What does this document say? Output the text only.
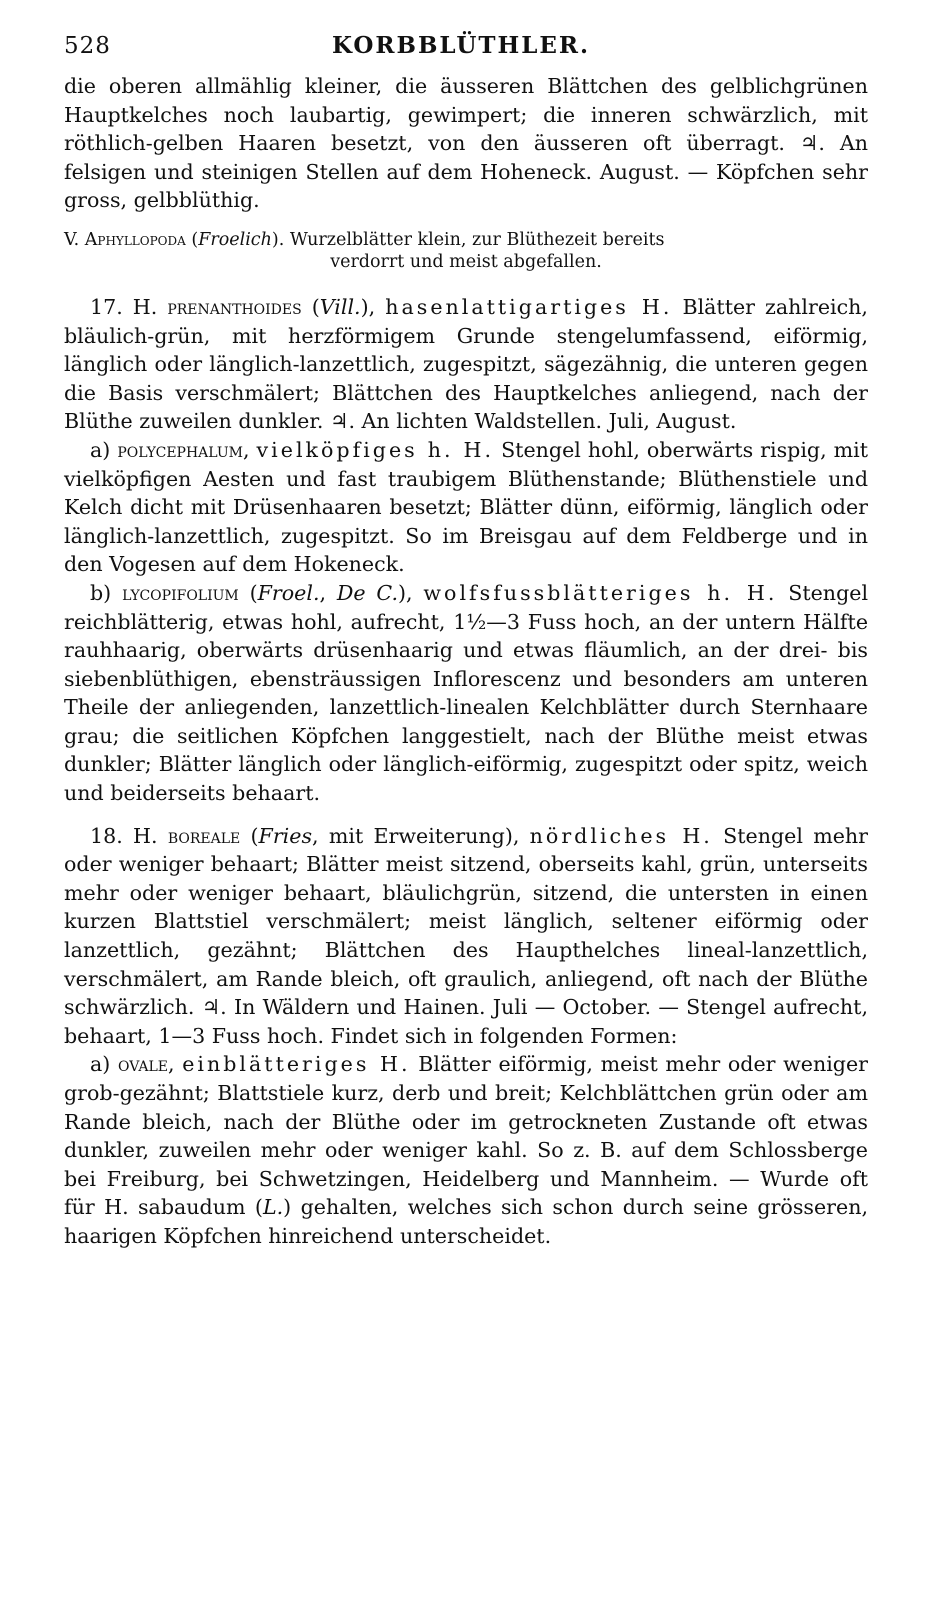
528	KORBBLÜTHLER.

die oberen allmählig kleiner, die äusseren Blättchen des gelblichgrünen Hauptkelches noch laubartig, gewimpert; die inneren schwärzlich, mit röthlich-gelben Haaren besetzt, von den äusseren oft überragt. ♃. An felsigen und steinigen Stellen auf dem Hoheneck. August. — Köpfchen sehr gross, gelbblüthig.

V. Aphyllopoda (Froelich). Wurzelblätter klein, zur Blüthezeit bereits
verdorrt und meist abgefallen.

17. H. prenanthoides (Vill.), hasenlattigartiges H. Blätter zahlreich, bläulich-grün, mit herzförmigem Grunde stengelumfassend, eiförmig, länglich oder länglich-lanzettlich, zugespitzt, sägezähnig, die unteren gegen die Basis verschmälert; Blättchen des Hauptkelches anliegend, nach der Blüthe zuweilen dunkler. ♃. An lichten Waldstellen. Juli, August.

a) polycephalum, vielköpfiges h. H. Stengel hohl, oberwärts rispig, mit vielköpfigen Aesten und fast traubigem Blüthenstande; Blüthenstiele und Kelch dicht mit Drüsenhaaren besetzt; Blätter dünn, eiförmig, länglich oder länglich-lanzettlich, zugespitzt. So im Breisgau auf dem Feldberge und in den Vogesen auf dem Hokeneck.

b) lycopifolium (Froel., De C.), wolfsfussblätteriges h. H. Stengel reichblätterig, etwas hohl, aufrecht, 1½—3 Fuss hoch, an der untern Hälfte rauhhaarig, oberwärts drüsenhaarig und etwas fläumlich, an der drei- bis siebenblüthigen, ebensträussigen Inflorescenz und besonders am unteren Theile der anliegenden, lanzettlich-linealen Kelchblätter durch Sternhaare grau; die seitlichen Köpfchen langgestielt, nach der Blüthe meist etwas dunkler; Blätter länglich oder länglich-eiförmig, zugespitzt oder spitz, weich und beiderseits behaart.

18. H. boreale (Fries, mit Erweiterung), nördliches H. Stengel mehr oder weniger behaart; Blätter meist sitzend, oberseits kahl, grün, unterseits mehr oder weniger behaart, bläulichgrün, sitzend, die untersten in einen kurzen Blattstiel verschmälert; meist länglich, seltener eiförmig oder lanzettlich, gezähnt; Blättchen des Haupthelches lineal-lanzettlich, verschmälert, am Rande bleich, oft graulich, anliegend, oft nach der Blüthe schwärzlich. ♃. In Wäldern und Hainen. Juli — October. — Stengel aufrecht, behaart, 1—3 Fuss hoch. Findet sich in folgenden Formen:

a) ovale, einblätteriges H. Blätter eiförmig, meist mehr oder weniger grob-gezähnt; Blattstiele kurz, derb und breit; Kelchblättchen grün oder am Rande bleich, nach der Blüthe oder im getrockneten Zustande oft etwas dunkler, zuweilen mehr oder weniger kahl. So z. B. auf dem Schlossberge bei Freiburg, bei Schwetzingen, Heidelberg und Mannheim. — Wurde oft für H. sabaudum (L.) gehalten, welches sich schon durch seine grösseren, haarigen Köpfchen hinreichend unterscheidet.
